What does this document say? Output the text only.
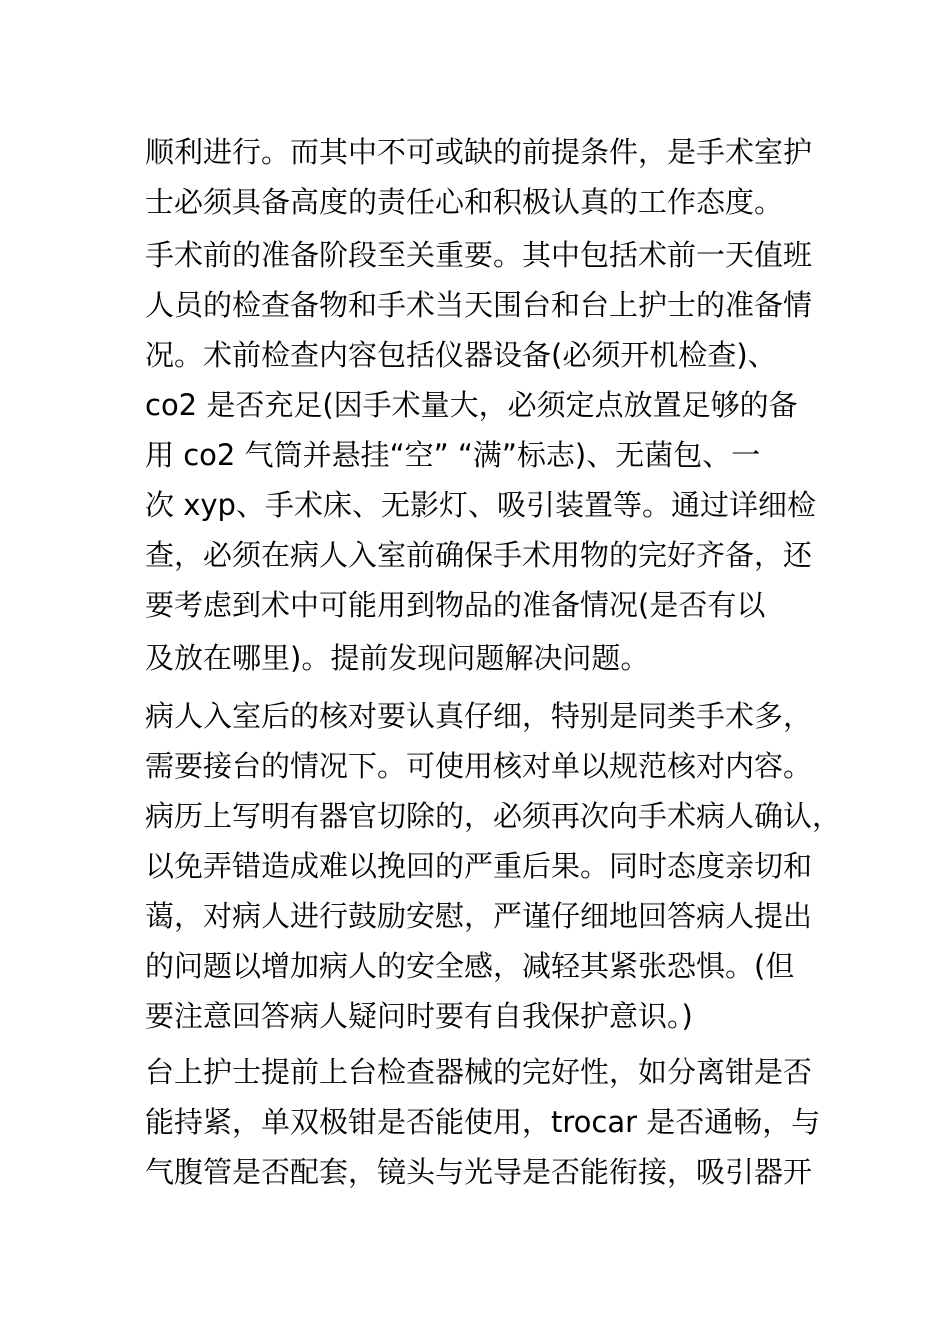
顺利进行。而其中不可或缺的前提条件，是手术室护
士必须具备高度的责任心和积极认真的工作态度。
手术前的准备阶段至关重要。其中包括术前一天值班
人员的检查备物和手术当天围台和台上护士的准备情
况。术前检查内容包括仪器设备(必须开机检查)、
co2 是否充足(因手术量大，必须定点放置足够的备
用 co2 气筒并悬挂“空” “满”标志)、无菌包、一
次 xyp、手术床、无影灯、吸引装置等。通过详细检
查，必须在病人入室前确保手术用物的完好齐备，还
要考虑到术中可能用到物品的准备情况(是否有以
及放在哪里)。提前发现问题解决问题。
病人入室后的核对要认真仔细，特别是同类手术多，
需要接台的情况下。可使用核对单以规范核对内容。
病历上写明有器官切除的，必须再次向手术病人确认，
以免弄错造成难以挽回的严重后果。同时态度亲切和
蔼，对病人进行鼓励安慰，严谨仔细地回答病人提出
的问题以增加病人的安全感，减轻其紧张恐惧。(但
要注意回答病人疑问时要有自我保护意识。)
台上护士提前上台检查器械的完好性，如分离钳是否
能持紧，单双极钳是否能使用，trocar 是否通畅，与
气腹管是否配套，镜头与光导是否能衔接，吸引器开
